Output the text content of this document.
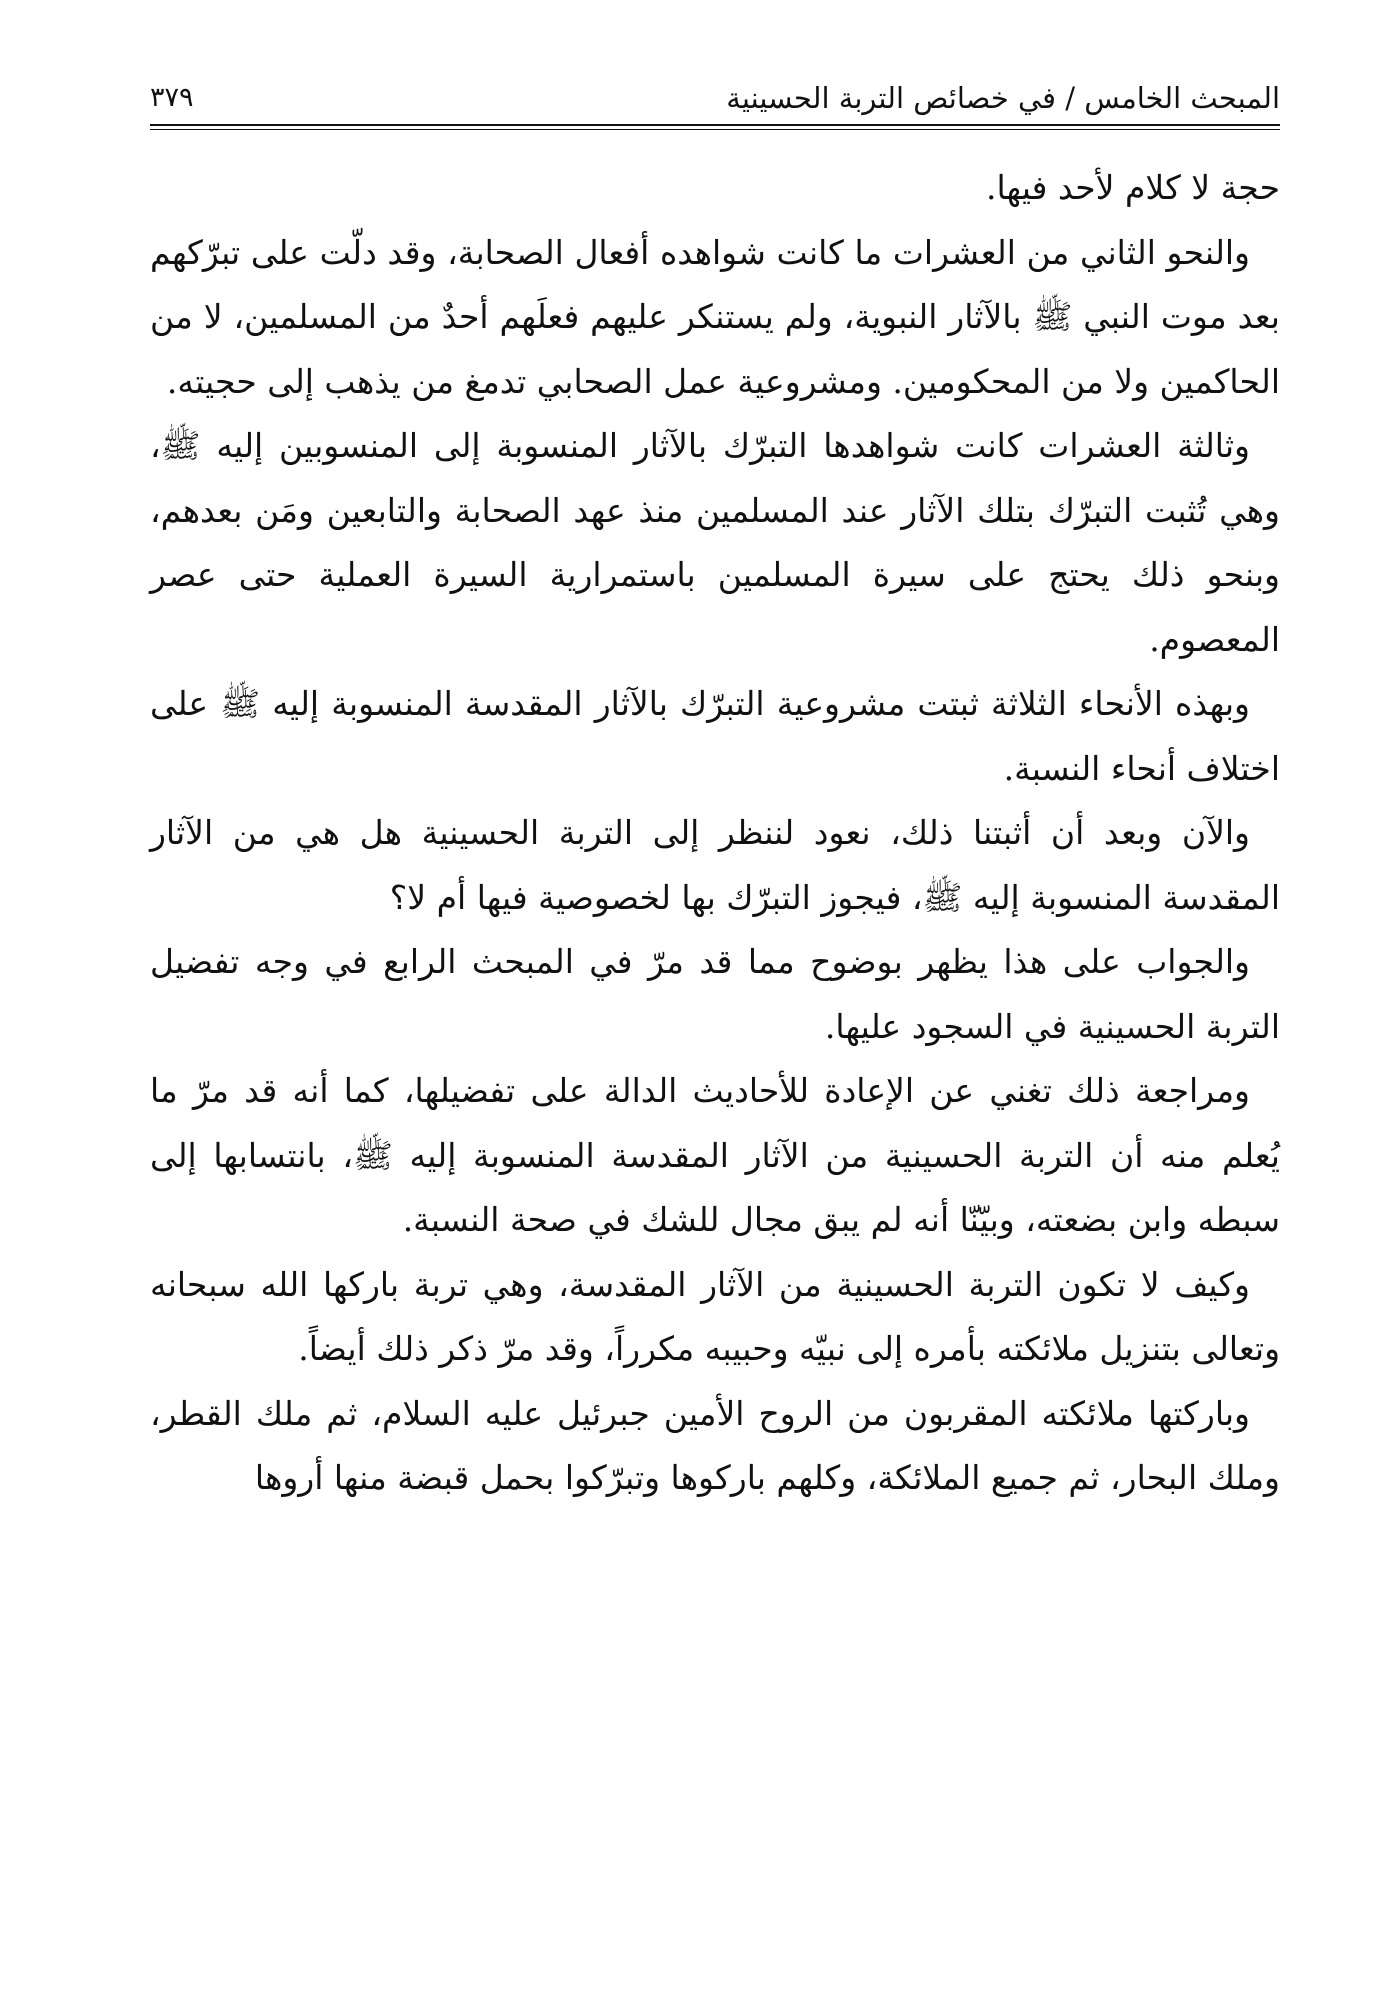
المبحث الخامس / في خصائص التربة الحسينية
٣٧٩

حجة لا كلام لأحد فيها.

والنحو الثاني من العشرات ما كانت شواهده أفعال الصحابة، وقد دلّت على تبرّكهم بعد موت النبي ﷺ بالآثار النبوية، ولم يستنكر عليهم فعلَهم أحدٌ من المسلمين، لا من الحاكمين ولا من المحكومين. ومشروعية عمل الصحابي تدمغ من يذهب إلى حجيته.

وثالثة العشرات كانت شواهدها التبرّك بالآثار المنسوبة إلى المنسوبين إليه ﷺ، وهي تُثبت التبرّك بتلك الآثار عند المسلمين منذ عهد الصحابة والتابعين ومَن بعدهم، وبنحو ذلك يحتج على سيرة المسلمين باستمرارية السيرة العملية حتى عصر المعصوم.

وبهذه الأنحاء الثلاثة ثبتت مشروعية التبرّك بالآثار المقدسة المنسوبة إليه ﷺ على اختلاف أنحاء النسبة.

والآن وبعد أن أثبتنا ذلك، نعود لننظر إلى التربة الحسينية هل هي من الآثار المقدسة المنسوبة إليه ﷺ، فيجوز التبرّك بها لخصوصية فيها أم لا؟

والجواب على هذا يظهر بوضوح مما قد مرّ في المبحث الرابع في وجه تفضيل التربة الحسينية في السجود عليها.

ومراجعة ذلك تغني عن الإعادة للأحاديث الدالة على تفضيلها، كما أنه قد مرّ ما يُعلم منه أن التربة الحسينية من الآثار المقدسة المنسوبة إليه ﷺ، بانتسابها إلى سبطه وابن بضعته، وبيّنّا أنه لم يبق مجال للشك في صحة النسبة.

وكيف لا تكون التربة الحسينية من الآثار المقدسة، وهي تربة باركها الله سبحانه وتعالى بتنزيل ملائكته بأمره إلى نبيّه وحبيبه مكرراً، وقد مرّ ذكر ذلك أيضاً.

وباركتها ملائكته المقربون من الروح الأمين جبرئيل عليه السلام، ثم ملك القطر، وملك البحار، ثم جميع الملائكة، وكلهم باركوها وتبرّكوا بحمل قبضة منها أروها
